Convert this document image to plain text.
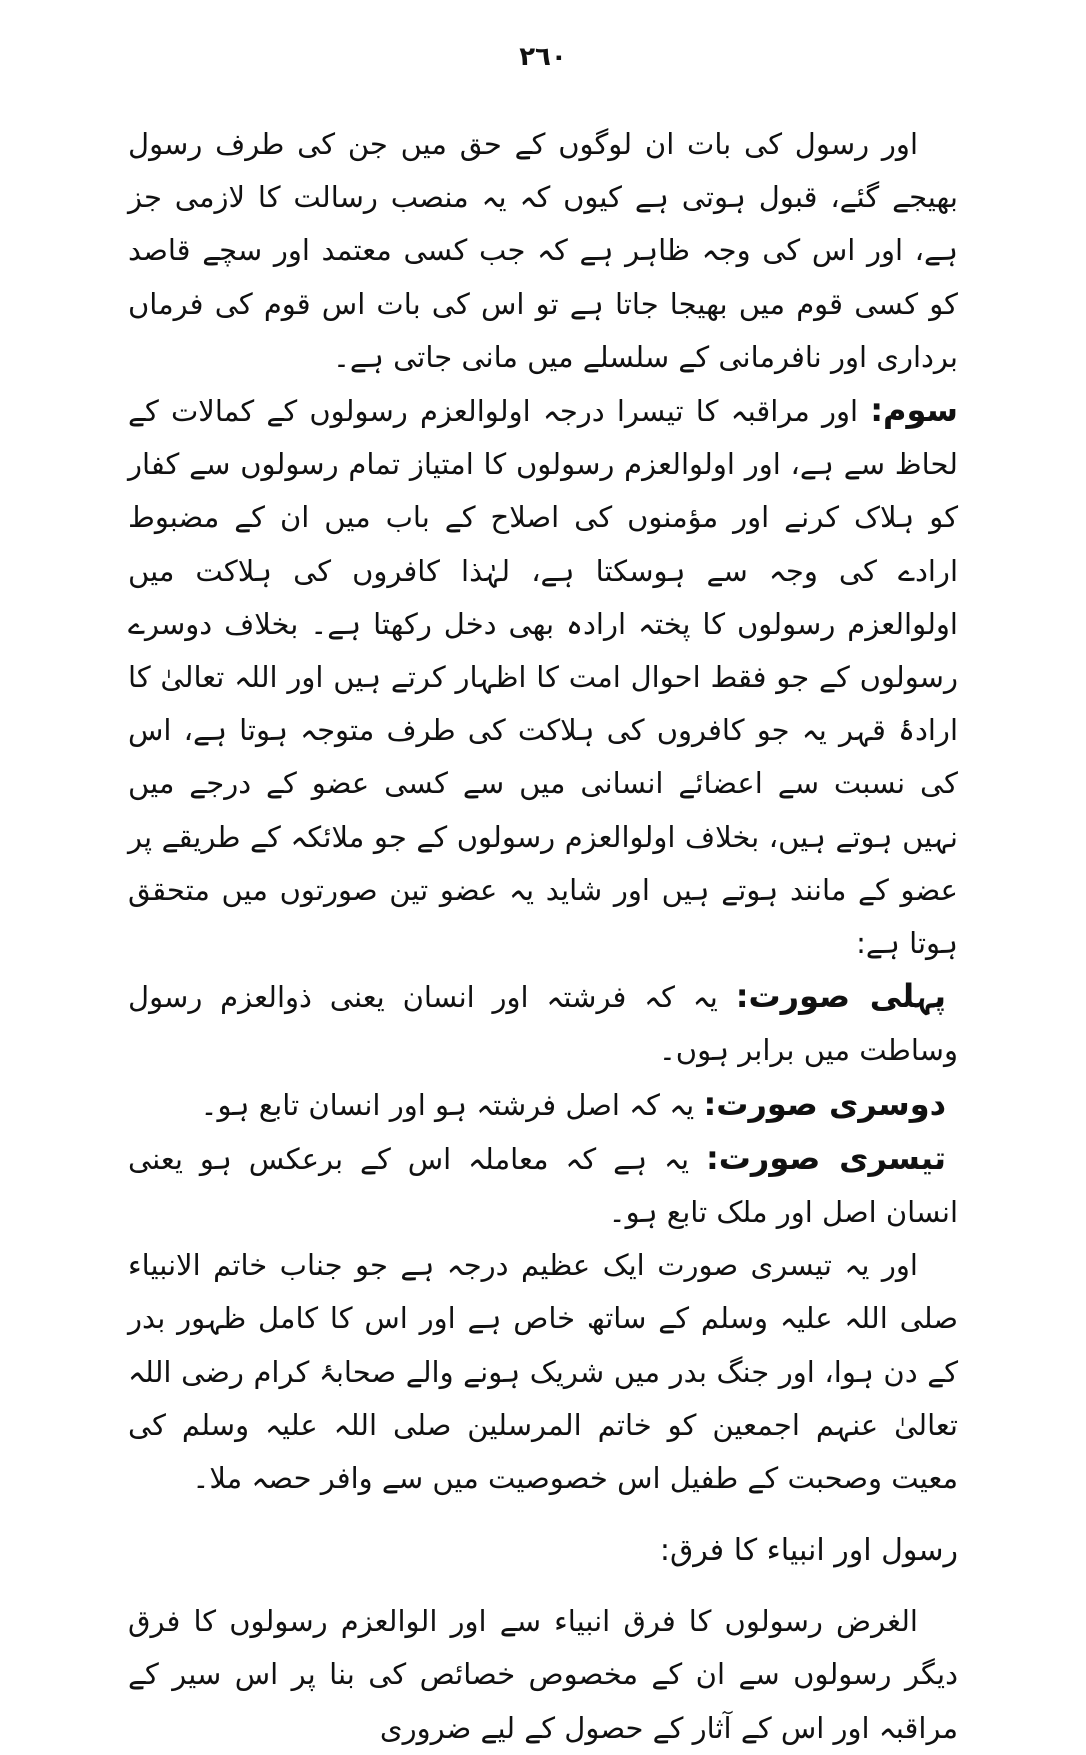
۲٦٠

اور رسول کی بات ان لوگوں کے حق میں جن کی طرف رسول بھیجے گئے، قبول ہوتی ہے کیوں کہ یہ منصب رسالت کا لازمی جز ہے، اور اس کی وجہ ظاہر ہے کہ جب کسی معتمد اور سچے قاصد کو کسی قوم میں بھیجا جاتا ہے تو اس کی بات اس قوم کی فرماں برداری اور نافرمانی کے سلسلے میں مانی جاتی ہے۔

سوم: اور مراقبہ کا تیسرا درجہ اولوالعزم رسولوں کے کمالات کے لحاظ سے ہے، اور اولوالعزم رسولوں کا امتیاز تمام رسولوں سے کفار کو ہلاک کرنے اور مؤمنوں کی اصلاح کے باب میں ان کے مضبوط ارادے کی وجہ سے ہوسکتا ہے، لہٰذا کافروں کی ہلاکت میں اولوالعزم رسولوں کا پختہ ارادہ بھی دخل رکھتا ہے۔ بخلاف دوسرے رسولوں کے جو فقط احوال امت کا اظہار کرتے ہیں اور اللہ تعالیٰ کا ارادۂ قہر یہ جو کافروں کی ہلاکت کی طرف متوجہ ہوتا ہے، اس کی نسبت سے اعضائے انسانی میں سے کسی عضو کے درجے میں نہیں ہوتے ہیں، بخلاف اولوالعزم رسولوں کے جو ملائکہ کے طریقے پر عضو کے مانند ہوتے ہیں اور شاید یہ عضو تین صورتوں میں متحقق ہوتا ہے:

پہلی صورت: یہ کہ فرشتہ اور انسان یعنی ذوالعزم رسول وساطت میں برابر ہوں۔

دوسری صورت: یہ کہ اصل فرشتہ ہو اور انسان تابع ہو۔

تیسری صورت: یہ ہے کہ معاملہ اس کے برعکس ہو یعنی انسان اصل اور ملک تابع ہو۔

اور یہ تیسری صورت ایک عظیم درجہ ہے جو جناب خاتم الانبیاء صلی اللہ علیہ وسلم کے ساتھ خاص ہے اور اس کا کامل ظہور بدر کے دن ہوا، اور جنگ بدر میں شریک ہونے والے صحابۂ کرام رضی اللہ تعالیٰ عنہم اجمعین کو خاتم المرسلین صلی اللہ علیہ وسلم کی معیت وصحبت کے طفیل اس خصوصیت میں سے وافر حصہ ملا۔

رسول اور انبیاء کا فرق:

الغرض رسولوں کا فرق انبیاء سے اور الوالعزم رسولوں کا فرق دیگر رسولوں سے ان کے مخصوص خصائص کی بنا پر اس سیر کے مراقبہ اور اس کے آثار کے حصول کے لیے ضروری
